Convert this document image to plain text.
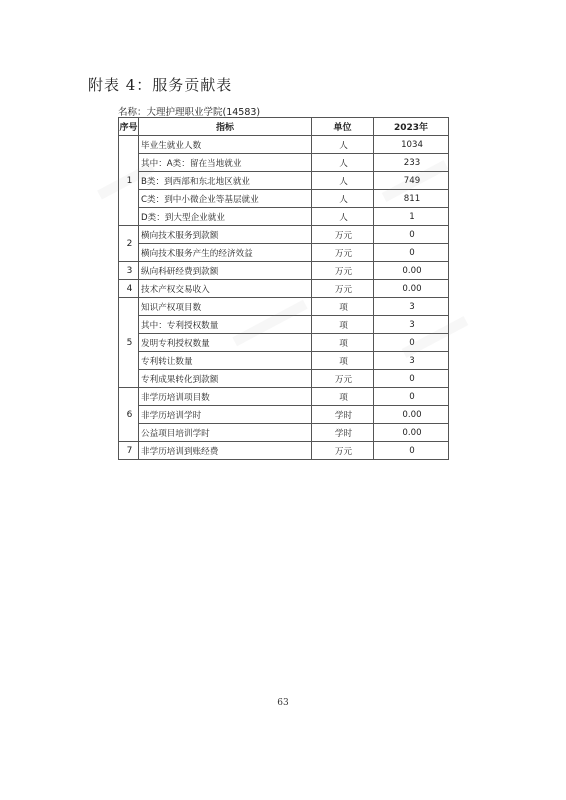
附表 4：服务贡献表
名称：大理护理职业学院(14583)
序号	指标	单位	2023年
1	毕业生就业人数	人	1034
	其中：A类：留在当地就业	人	233
	B类：到西部和东北地区就业	人	749
	C类：到中小微企业等基层就业	人	811
	D类：到大型企业就业	人	1
2	横向技术服务到款额	万元	0
	横向技术服务产生的经济效益	万元	0
3	纵向科研经费到款额	万元	0.00
4	技术产权交易收入	万元	0.00
5	知识产权项目数	项	3
	其中：专利授权数量	项	3
	发明专利授权数量	项	0
	专利转让数量	项	3
	专利成果转化到款额	万元	0
6	非学历培训项目数	项	0
	非学历培训学时	学时	0.00
	公益项目培训学时	学时	0.00
7	非学历培训到账经费	万元	0
63
